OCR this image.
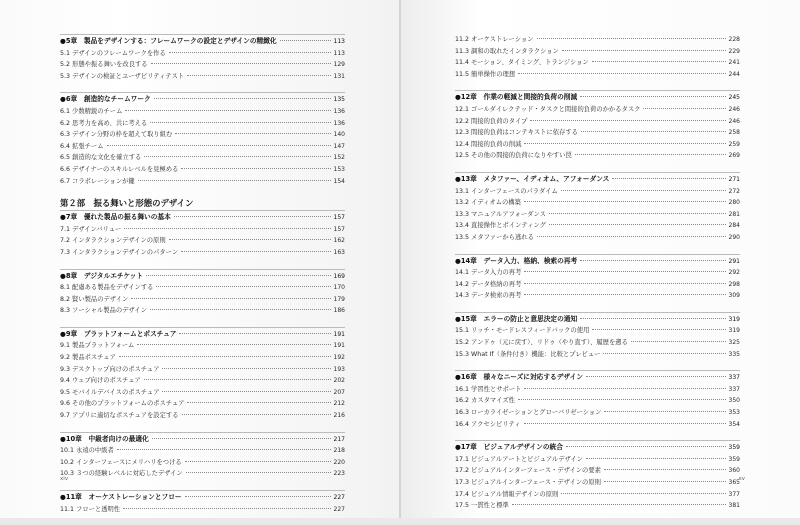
●5章　製品をデザインする：フレームワークの設定とデザインの精緻化	113
5.1 デザインのフレームワークを作る	113
5.2 形態や振る舞いを改良する	129
5.3 デザインの検証とユーザビリティテスト	131
●6章　創造的なチームワーク	135
6.1 少数精鋭のチーム	136
6.2 思考力を高め、共に考える	136
6.3 デザイン分野の枠を超えて取り組む	140
6.4 拡張チーム	147
6.5 創造的な文化を確立する	152
6.6 デザイナーのスキルレベルを見極める	153
6.7 コラボレーションが鍵	154
第２部　振る舞いと形態のデザイン
●7章　優れた製品の振る舞いの基本	157
7.1 デザインバリュー	157
7.2 インタラクションデザインの原則	162
7.3 インタラクションデザインのパターン	163
●8章　デジタルエチケット	169
8.1 配慮ある製品をデザインする	170
8.2 賢い製品のデザイン	179
8.3 ソーシャル製品のデザイン	186
●9章　プラットフォームとポスチュア	191
9.1 製品プラットフォーム	191
9.2 製品ポスチュア	192
9.3 デスクトップ向けのポスチュア	193
9.4 ウェブ向けのポスチュア	202
9.5 モバイルデバイスのポスチュア	207
9.6 その他のプラットフォームのポスチュア	212
9.7 アプリに適切なポスチュアを設定する	216
●10章　中級者向けの最適化	217
10.1 永遠の中級者	218
10.2 インターフェースにメリハリをつける	220
10.3 ３つの経験レベルに対応したデザイン	223
●11章　オーケストレーションとフロー	227
11.1 フローと透明性	227
xiv
11.2 オーケストレーション	228
11.3 調和の取れたインタラクション	229
11.4 モーション、タイミング、トランジション	241
11.5 簡単操作の理想	244
●12章　作業の軽減と間接的負荷の削減	245
12.1 ゴールダイレクテッド・タスクと間接的負荷のかかるタスク	246
12.2 間接的負荷のタイプ	246
12.3 間接的負荷はコンテキストに依存する	258
12.4 間接的負荷の削減	259
12.5 その他の間接的負荷になりやすい罠	269
●13章　メタファー、イディオム、アフォーダンス	271
13.1 インターフェースのパラダイム	272
13.2 イディオムの構築	280
13.3 マニュアルアフォーダンス	281
13.4 直接操作とポインティング	284
13.5 メタファーから逃れる	290
●14章　データ入力、格納、検索の再考	291
14.1 データ入力の再考	292
14.2 データ格納の再考	298
14.3 データ検索の再考	309
●15章　エラーの防止と意思決定の通知	319
15.1 リッチ・モードレスフィードバックの使用	319
15.2 アンドゥ（元に戻す）、リドゥ（やり直す）、履歴を遡る	325
15.3 What If（条件付き）機能：比較とプレビュー	335
●16章　様々なニーズに対応するデザイン	337
16.1 学習性とサポート	337
16.2 カスタマイズ性	350
16.3 ローカライゼーションとグローバリゼーション	353
16.4 アクセシビリティ	354
●17章　ビジュアルデザインの統合	359
17.1 ビジュアルアートとビジュアルデザイン	359
17.2 ビジュアルインターフェース・デザインの要素	360
17.3 ビジュアルインターフェース・デザインの原則	365
17.4 ビジュアル情報デザインの原則	377
17.5 一貫性と標準	381
xv
